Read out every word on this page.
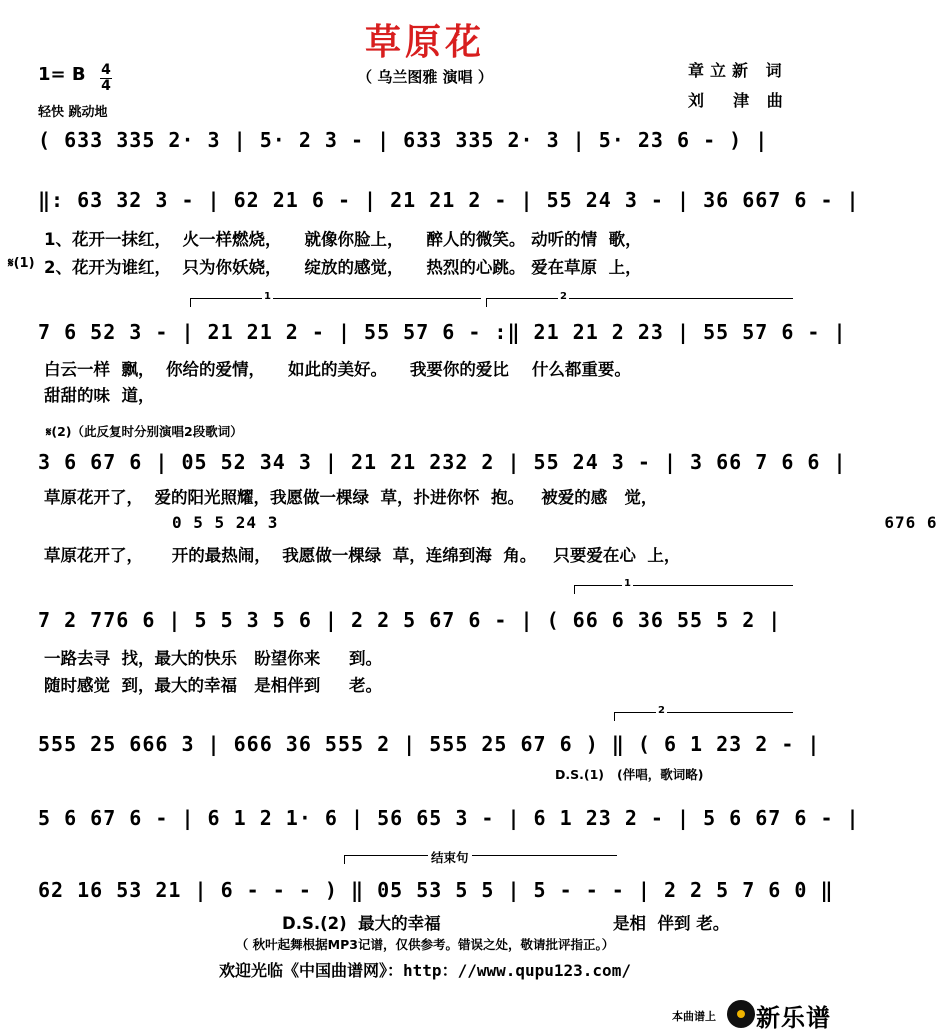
草原花
（ 乌兰图雅 演唱 ）	章立新 词
刘  津 曲
1= B 4
4
轻快 跳动地
( 633 335 2· 3 | 5· 2 3 - | 633 335 2· 3 | 5· 23 6 - ) |
‖: 63 32 3 - | 62 21 6 - | 21 21 2 - | 55 24 3 - | 36 667 6 - |
1、花开一抹红，  火一样燃烧，    就像你脸上，    醉人的微笑。 动听的情  歌，
𝄋(1) 2、花开为谁红，  只为你妖娆，    绽放的感觉，    热烈的心跳。 爱在草原  上，
1	2
7 6 52 3 - | 21 21 2 - | 55 57 6 - :‖ 21 21 2 23 | 55 57 6 - |
白云一样  飘，  你给的爱情，    如此的美好。    我要你的爱比    什么都重要。
甜甜的味  道，
𝄋(2)（此反复时分别演唱2段歌词）
3 6 67 6 | 05 52 34 3 | 21 21 232 2 | 55 24 3 - | 3 66 7 6 6 |
草原花开了，  爱的阳光照耀，我愿做一棵绿  草，扑进你怀  抱。   被爱的感   觉，
0 5 5 24 3                                                         676 6
草原花开了，     开的最热闹，  我愿做一棵绿  草，连绵到海  角。   只要爱在心  上，
1
7 2 776 6 | 5 5 3 5 6 | 2 2 5 67 6 - | ( 66 6 36 55 5 2 |
一路去寻  找，最大的快乐   盼望你来     到。
随时感觉  到，最大的幸福   是相伴到     老。
2
555 25 666 3 | 666 36 555 2 | 555 25 67 6 ) ‖ ( 6 1 23 2 - |
D.S.(1)   (伴唱，歌词略)
5 6 67 6 - | 6 1 2 1· 6 | 56 65 3 - | 6 1 23 2 - | 5 6 67 6 - |
结束句
62 16 53 21 | 6 - - - ) ‖ 05 53 5 5 | 5 - - - | 2 2 5 7 6 0 ‖
D.S.(2)  最大的幸福                              是相  伴到 老。
（ 秋叶起舞根据MP3记谱，仅供参考。错误之处，敬请批评指正。）
欢迎光临《中国曲谱网》：http：//www.qupu123.com/
本曲谱上 新乐谱
